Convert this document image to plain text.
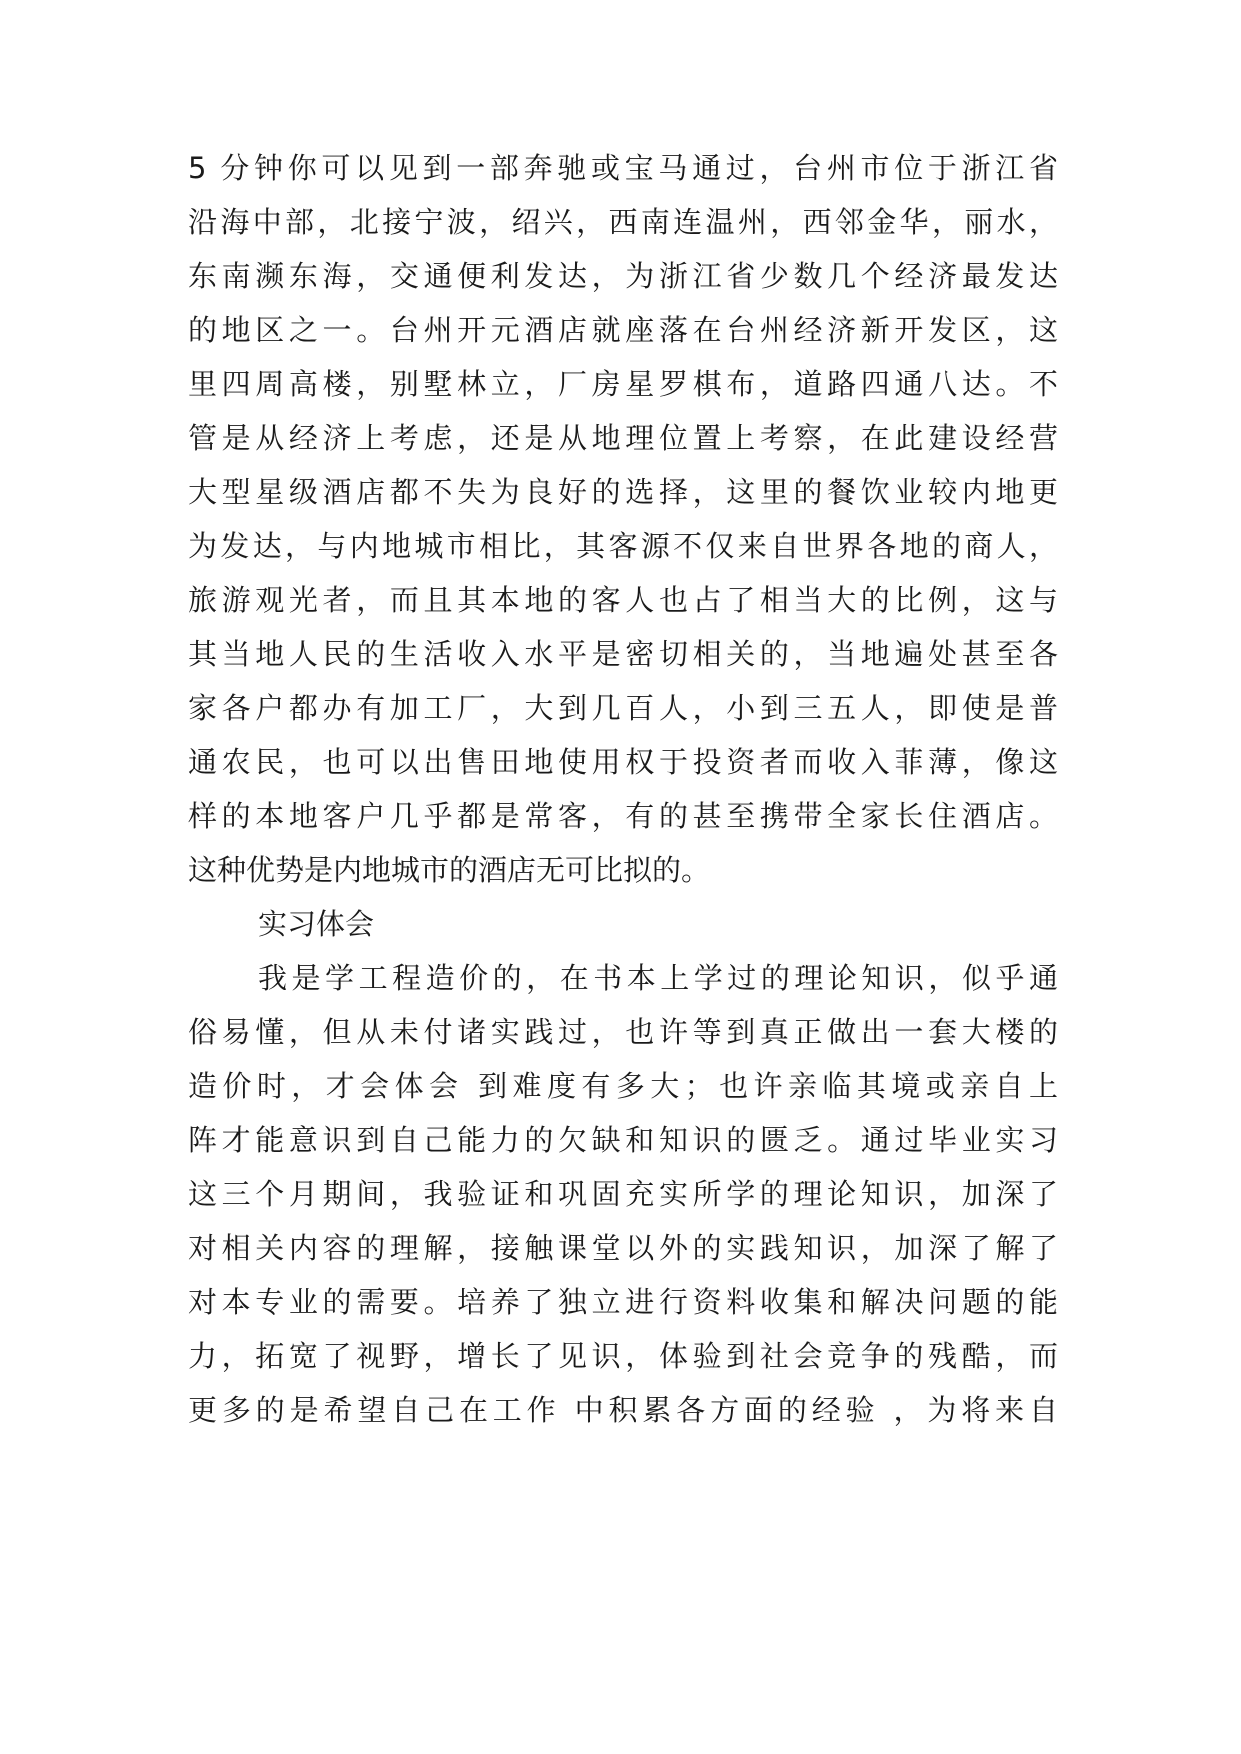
5 分钟你可以见到一部奔驰或宝马通过，台州市位于浙江省
沿海中部，北接宁波，绍兴，西南连温州，西邻金华，丽水，
东南濒东海，交通便利发达，为浙江省少数几个经济最发达
的地区之一。台州开元酒店就座落在台州经济新开发区，这
里四周高楼，别墅林立，厂房星罗棋布，道路四通八达。不
管是从经济上考虑，还是从地理位置上考察，在此建设经营
大型星级酒店都不失为良好的选择，这里的餐饮业较内地更
为发达，与内地城市相比，其客源不仅来自世界各地的商人，
旅游观光者，而且其本地的客人也占了相当大的比例，这与
其当地人民的生活收入水平是密切相关的，当地遍处甚至各
家各户都办有加工厂，大到几百人，小到三五人，即使是普
通农民，也可以出售田地使用权于投资者而收入菲薄，像这
样的本地客户几乎都是常客，有的甚至携带全家长住酒店。
这种优势是内地城市的酒店无可比拟的。
实习体会
我是学工程造价的，在书本上学过的理论知识，似乎通
俗易懂，但从未付诸实践过，也许等到真正做出一套大楼的
造价时，才会体会 到难度有多大；也许亲临其境或亲自上
阵才能意识到自己能力的欠缺和知识的匮乏。通过毕业实习
这三个月期间，我验证和巩固充实所学的理论知识，加深了
对相关内容的理解，接触课堂以外的实践知识，加深了解了
对本专业的需要。培养了独立进行资料收集和解决问题的能
力，拓宽了视野，增长了见识，体验到社会竞争的残酷，而
更多的是希望自己在工作 中积累各方面的经验 ，为将来自
